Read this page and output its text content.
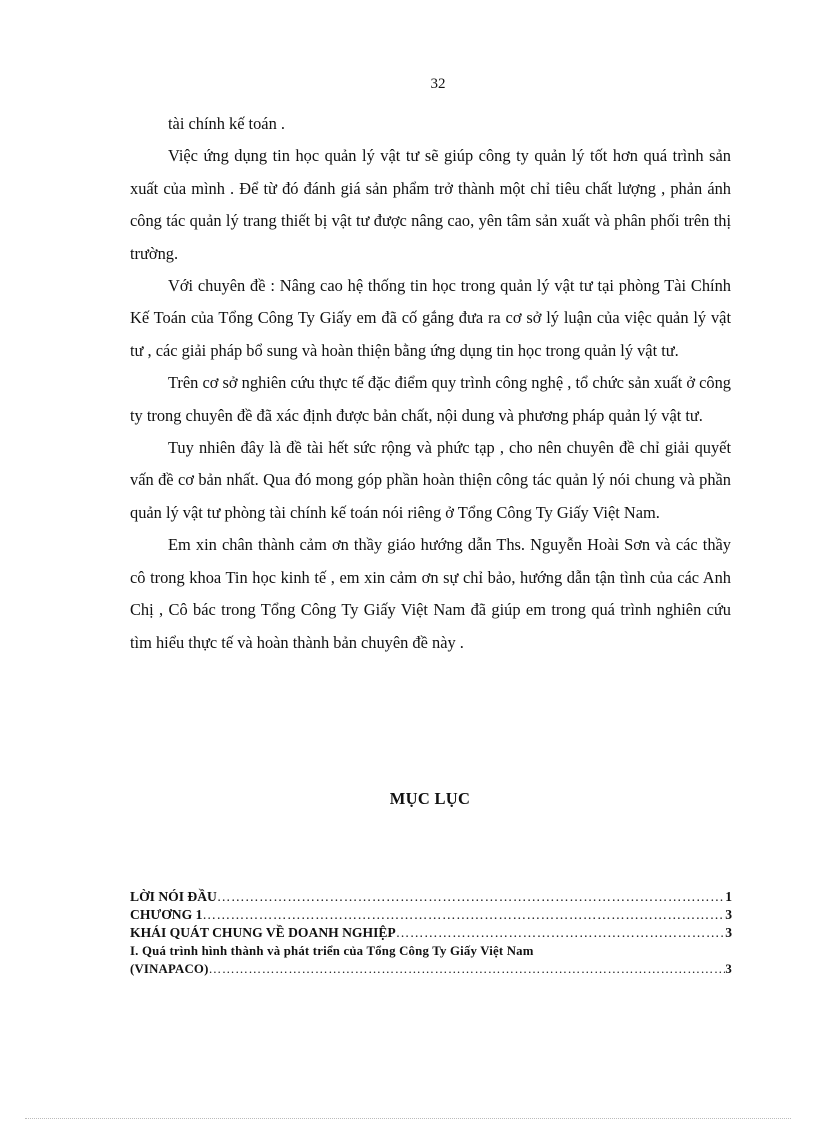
32

tài chính kế toán .

Việc ứng dụng tin học quản lý vật tư sẽ giúp công ty quản lý tốt hơn quá trình sản xuất của mình . Để từ đó đánh giá sản phẩm trở thành một chỉ tiêu chất lượng , phản ánh công tác quản lý trang thiết bị vật tư được nâng cao, yên tâm sản xuất và phân phối trên thị trường.

Với chuyên đề : Nâng cao hệ thống tin học trong quản lý vật tư tại phòng Tài Chính Kế Toán của Tổng Công Ty Giấy em đã cố gắng đưa ra cơ sở lý luận của việc quản lý vật tư , các giải pháp bổ sung và hoàn thiện bằng ứng dụng tin học trong quản lý vật tư.

Trên cơ sở nghiên cứu thực tế đặc điểm quy trình công nghệ , tổ chức sản xuất ở công ty trong chuyên đề đã xác định được bản chất, nội dung và phương pháp quản lý vật tư.

Tuy nhiên đây là đề tài hết sức rộng và phức tạp , cho nên chuyên đề chỉ giải quyết vấn đề cơ bản nhất. Qua đó mong góp phần hoàn thiện công tác quản lý nói chung và phần quản lý vật tư phòng tài chính kế toán nói riêng ở Tổng Công Ty Giấy Việt Nam.

Em xin chân thành cảm ơn thầy giáo hướng dẫn Ths. Nguyễn Hoài Sơn và các thầy cô trong khoa Tin học kinh tế , em xin cảm ơn sự chỉ bảo, hướng dẫn tận tình của các Anh Chị , Cô bác trong Tổng Công Ty Giấy Việt Nam đã giúp em trong quá trình nghiên cứu tìm hiểu thực tế và hoàn thành bản chuyên đề này .

MỤC LỤC
LỜI NÓI ĐẦU ……………………………………………………………………………………………………………………………………………………………………………………………………………	1
CHƯƠNG 1 ……………………………………………………………………………………………………………………………………………………………………………………………………………	3
KHÁI QUÁT CHUNG VỀ DOANH NGHIỆP ……………………………………………………………………………………………………………………………………………………………………………………………………………	3
I. Quá trình hình thành và phát triển của Tổng Công Ty Giấy Việt Nam
(VINAPACO) ……………………………………………………………………………………………………………………………………………………………………………………………………………	3
